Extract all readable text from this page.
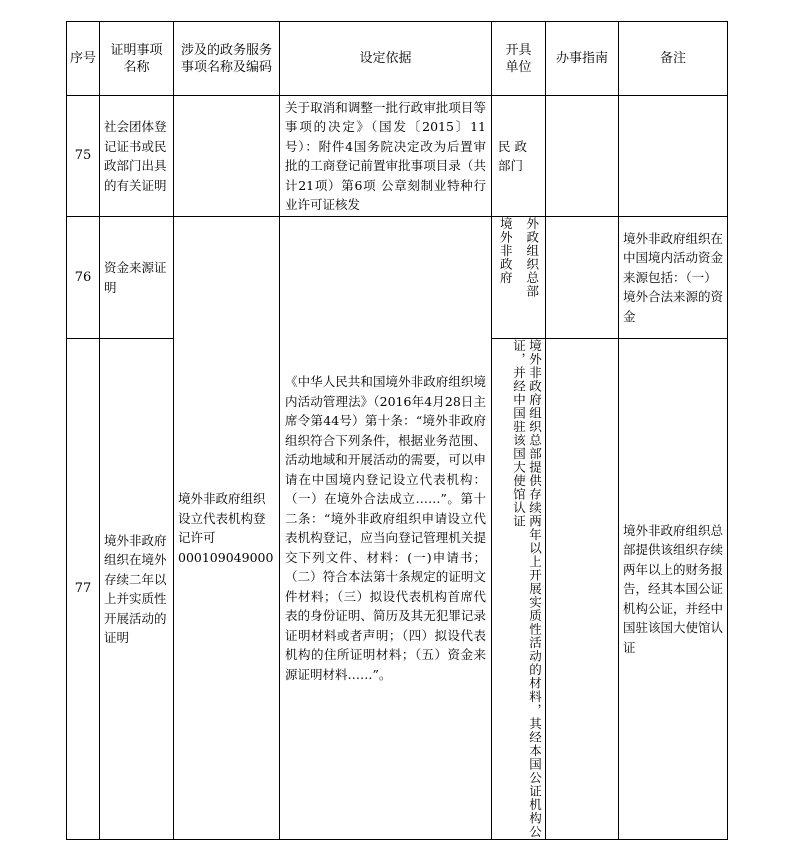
序号	证明事项名称	涉及的政务服务事项名称及编码	设定依据	开具单位	办事指南	备注
75	社会团体登记证书或民政部门出具的有关证明		关于取消和调整一批行政审批项目等事项的决定》（国发〔2015〕11号）：附件4国务院决定改为后置审批的工商登记前置审批事项目录（共计21项）第6项 公章刻制业特种行业许可证核发	民 政部门		
76	资金来源证明	境外非政府组织设立代表机构登记许可000109049000	《中华人民共和国境外非政府组织境内活动管理法》（2016年4月28日主席令第44号）第十条：“境外非政府组织符合下列条件，根据业务范围、活动地域和开展活动的需要，可以申请在中国境内登记设立代表机构：（一）在境外合法成立……”。第十二条：“境外非政府组织申请设立代表机构登记，应当向登记管理机关提交下列文件、材料：(一)申请书；（二）符合本法第十条规定的证明文件材料；（三）拟设代表机构首席代表的身份证明、简历及其无犯罪记录证明材料或者声明；（四）拟设代表机构的住所证明材料；（五）资金来源证明材料……”。	境外非政府 外政组织总部		境外非政府组织在中国境内活动资金来源包括：（一）境外合法来源的资金
77	境外非政府组织在境外存续二年以上并实质性开展活动的证明			境外非政府组织总部提供存续两年以上开展实质性活动的材料，其经本国公证机构公证，并经中国驻该国大使馆认证		境外非政府组织总部提供该组织存续两年以上的财务报告，经其本国公证机构公证，并经中国驻该国大使馆认证
